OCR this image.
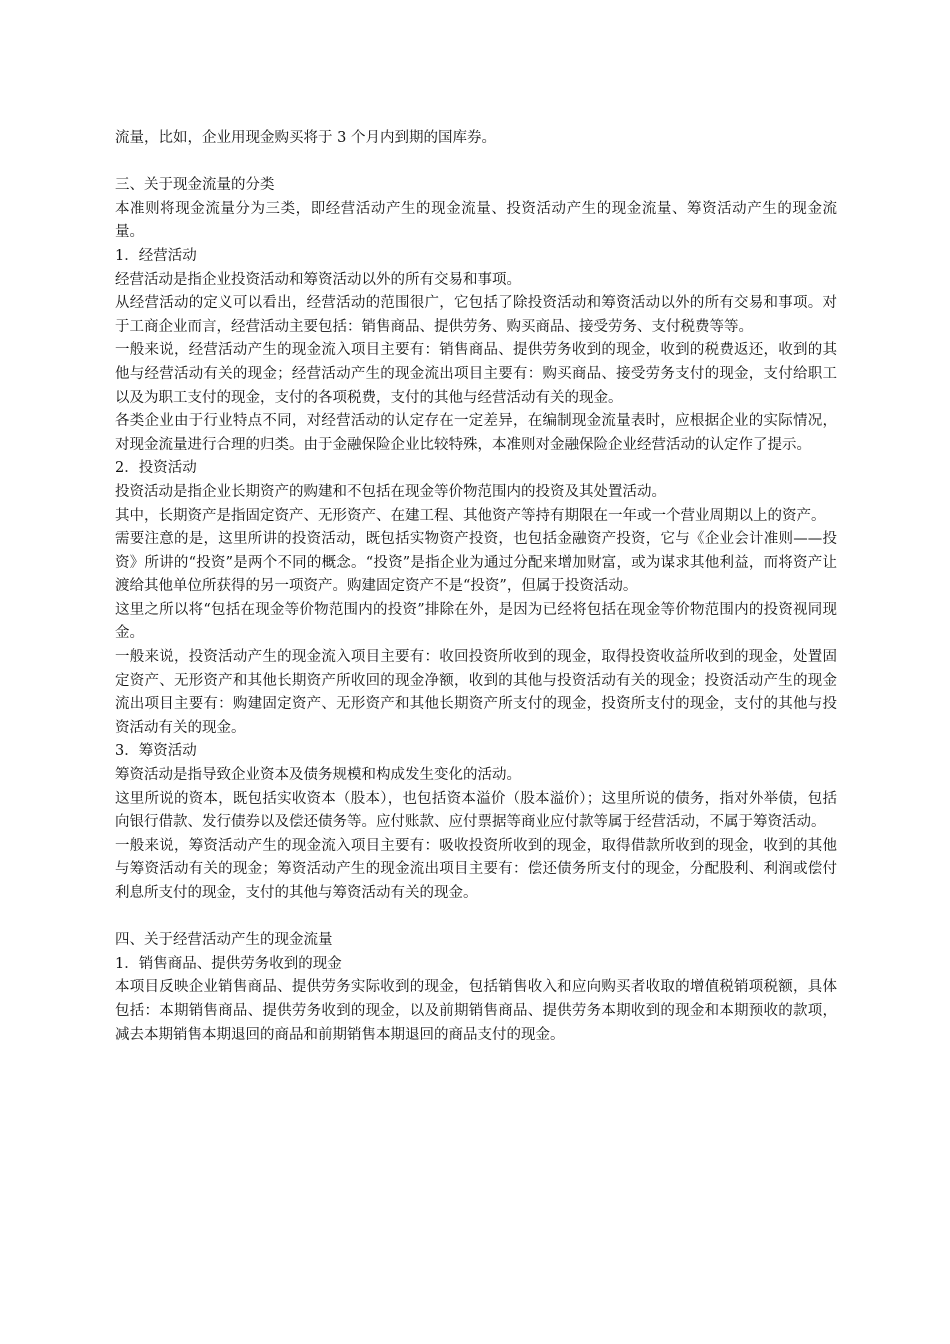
流量，比如，企业用现金购买将于 3 个月内到期的国库券。

三、关于现金流量的分类

本准则将现金流量分为三类，即经营活动产生的现金流量、投资活动产生的现金流量、筹资活动产生的现金流量。

1．经营活动

经营活动是指企业投资活动和筹资活动以外的所有交易和事项。

从经营活动的定义可以看出，经营活动的范围很广，它包括了除投资活动和筹资活动以外的所有交易和事项。对于工商企业而言，经营活动主要包括：销售商品、提供劳务、购买商品、接受劳务、支付税费等等。

一般来说，经营活动产生的现金流入项目主要有：销售商品、提供劳务收到的现金，收到的税费返还，收到的其他与经营活动有关的现金；经营活动产生的现金流出项目主要有：购买商品、接受劳务支付的现金，支付给职工以及为职工支付的现金，支付的各项税费，支付的其他与经营活动有关的现金。

各类企业由于行业特点不同，对经营活动的认定存在一定差异，在编制现金流量表时，应根据企业的实际情况，对现金流量进行合理的归类。由于金融保险企业比较特殊，本准则对金融保险企业经营活动的认定作了提示。

2．投资活动

投资活动是指企业长期资产的购建和不包括在现金等价物范围内的投资及其处置活动。

其中，长期资产是指固定资产、无形资产、在建工程、其他资产等持有期限在一年或一个营业周期以上的资产。

需要注意的是，这里所讲的投资活动，既包括实物资产投资，也包括金融资产投资，它与《企业会计准则——投资》所讲的“投资”是两个不同的概念。“投资”是指企业为通过分配来增加财富，或为谋求其他利益，而将资产让渡给其他单位所获得的另一项资产。购建固定资产不是“投资”，但属于投资活动。

这里之所以将“包括在现金等价物范围内的投资”排除在外，是因为已经将包括在现金等价物范围内的投资视同现金。

一般来说，投资活动产生的现金流入项目主要有：收回投资所收到的现金，取得投资收益所收到的现金，处置固定资产、无形资产和其他长期资产所收回的现金净额，收到的其他与投资活动有关的现金；投资活动产生的现金流出项目主要有：购建固定资产、无形资产和其他长期资产所支付的现金，投资所支付的现金，支付的其他与投资活动有关的现金。

3．筹资活动

筹资活动是指导致企业资本及债务规模和构成发生变化的活动。

这里所说的资本，既包括实收资本（股本），也包括资本溢价（股本溢价）；这里所说的债务，指对外举债，包括向银行借款、发行债券以及偿还债务等。应付账款、应付票据等商业应付款等属于经营活动，不属于筹资活动。

一般来说，筹资活动产生的现金流入项目主要有：吸收投资所收到的现金，取得借款所收到的现金，收到的其他与筹资活动有关的现金；筹资活动产生的现金流出项目主要有：偿还债务所支付的现金，分配股利、利润或偿付利息所支付的现金，支付的其他与筹资活动有关的现金。

四、关于经营活动产生的现金流量

1．销售商品、提供劳务收到的现金

本项目反映企业销售商品、提供劳务实际收到的现金，包括销售收入和应向购买者收取的增值税销项税额，具体包括：本期销售商品、提供劳务收到的现金，以及前期销售商品、提供劳务本期收到的现金和本期预收的款项，减去本期销售本期退回的商品和前期销售本期退回的商品支付的现金。
